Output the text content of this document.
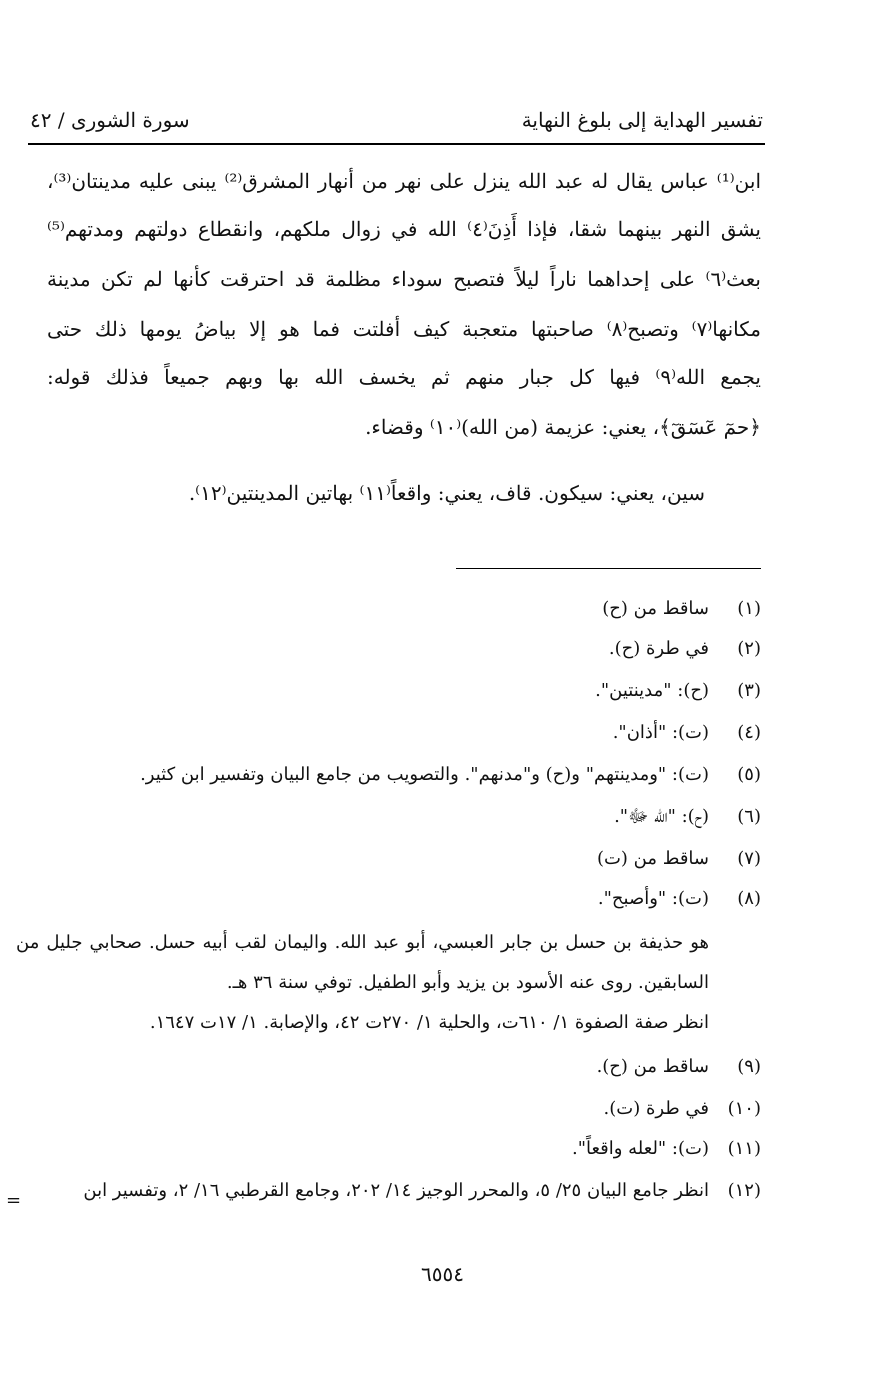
تفسير الهداية إلى بلوغ النهاية
سورة الشورى / ٤٢
ابن⁽¹⁾ عباس يقال له عبد الله ينزل على نهر من أنهار المشرق⁽²⁾ يبنى عليه مدينتان⁽³⁾،
يشق النهر بينهما شقا، فإذا أَذِنَ⁽٤⁾ الله في زوال ملكهم، وانقطاع دولتهم ومدتهم⁽⁵⁾
بعث⁽٦⁾ على إحداهما ناراً ليلاً فتصبح سوداء مظلمة قد احترقت كأنها لم تكن مدينة
مكانها⁽٧⁾ وتصبح⁽٨⁾ صاحبتها متعجبة كيف أفلتت فما هو إلا بياضُ يومها ذلك حتى
يجمع الله⁽٩⁾ فيها كل جبار منهم ثم يخسف الله بها وبهم جميعاً فذلك قوله:
﴿حمٓ عٓسٓقٓ﴾، يعني: عزيمة (من الله)⁽١٠⁾ وقضاء.
سين، يعني: سيكون. قاف، يعني: واقعاً⁽١١⁾ بهاتين المدينتين⁽١٢⁾.
(١)
ساقط من (ح)
(٢)
في طرة (ح).
(٣)
(ح): "مدينتين".
(٤)
(ت): "أذان".
(٥)
(ت): "ومدينتهم" و(ح) و"مدنهم". والتصويب من جامع البيان وتفسير ابن كثير.
(٦)
(ح): "الله ﷻ".
(٧)
ساقط من (ت)
(٨)
(ت): "وأصبح".
هو حذيفة بن حسل بن جابر العبسي، أبو عبد الله. واليمان لقب أبيه حسل. صحابي جليل من
السابقين. روى عنه الأسود بن يزيد وأبو الطفيل. توفي سنة ٣٦ هـ.
انظر صفة الصفوة ١/ ٦١٠ت، والحلية ١/ ٢٧٠ت ٤٢، والإصابة. ١/ ١٧ت ١٦٤٧.
(٩)
ساقط من (ح).
(١٠)
في طرة (ت).
(١١)
(ت): "لعله واقعاً".
(١٢)
انظر جامع البيان ٢٥/ ٥، والمحرر الوجيز ١٤/ ٢٠٢، وجامع القرطبي ١٦/ ٢، وتفسير ابن
=
٦٥٥٤
